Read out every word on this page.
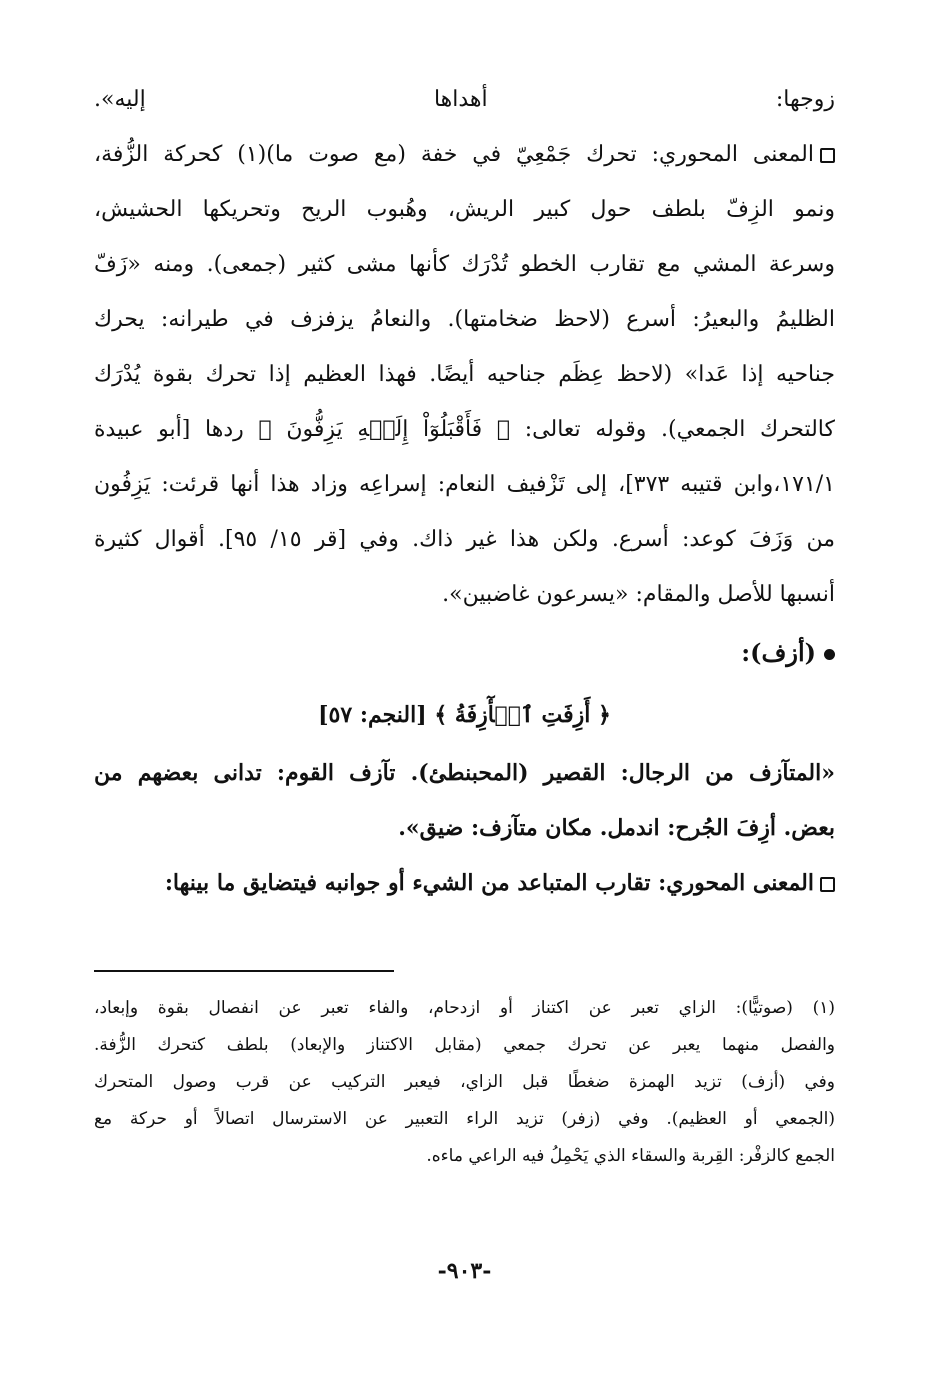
زوجها: أهداها إليه».
المعنى المحوري: تحرك جَمْعِيّ في خفة (مع صوت ما)(١) كحركة الزُّفة،
ونمو الزِفّ بلطف حول كبير الريش، وهُبوب الريح وتحريكها الحشيش،
وسرعة المشي مع تقارب الخطو تُدْرَك كأنها مشى كثير (جمعى). ومنه «زَفّ
الظليمُ والبعيرُ: أسرع (لاحظ ضخامتها). والنعامُ يزفزف في طيرانه: يحرك
جناحيه إذا عَدا» (لاحظ عِظَم جناحيه أيضًا. فهذا العظيم إذا تحرك بقوة يُدْرَك
كالتحرك الجمعي). وقوله تعالى: ﴿ فَأَقْبَلُوٓاْ إِلَيۡهِ يَزِفُّونَ ﴾ ردها [أبو عبيدة
١٧١/١،وابن قتيبه ٣٧٣]، إلى تَزْفيف النعام: إسراعِه وزاد هذا أنها قرئت: يَزِفُون
من وَزَفَ كوعد: أسرع. ولكن هذا غير ذاك. وفي [قر ١٥/ ٩٥]. أقوال كثيرة
أنسبها للأصل والمقام: «يسرعون غاضبين».
(أزف):
﴿ أَزِفَتِ ٱلۡأٓزِفَةُ ﴾ [النجم: ٥٧]
«المتآزف من الرجال: القصير (المحبنطئ). تآزف القوم: تدانى بعضهم من
بعض. أزِفَ الجُرح: اندمل. مكان متآزف: ضيق».
المعنى المحوري: تقارب المتباعد من الشيء أو جوانبه فيتضايق ما بينها:
(١) (صوتيًّا): الزاي تعبر عن اكتناز أو ازدحام، والفاء تعبر عن انفصال بقوة وإبعاد،
والفصل منهما يعبر عن تحرك جمعي (مقابل الاكتناز والإبعاد) بلطف كتحرك الزُّفة.
وفي (أزف) تزيد الهمزة ضغطًا قبل الزاي، فيعبر التركيب عن قرب وصول المتحرك
(الجمعي أو العظيم). وفي (زفر) تزيد الراء التعبير عن الاسترسال اتصالاً أو حركة مع
الجمع كالزفْر: القِربة والسقاء الذي يَحْمِلُ فيه الراعي ماءه.
-٩٠٣-
